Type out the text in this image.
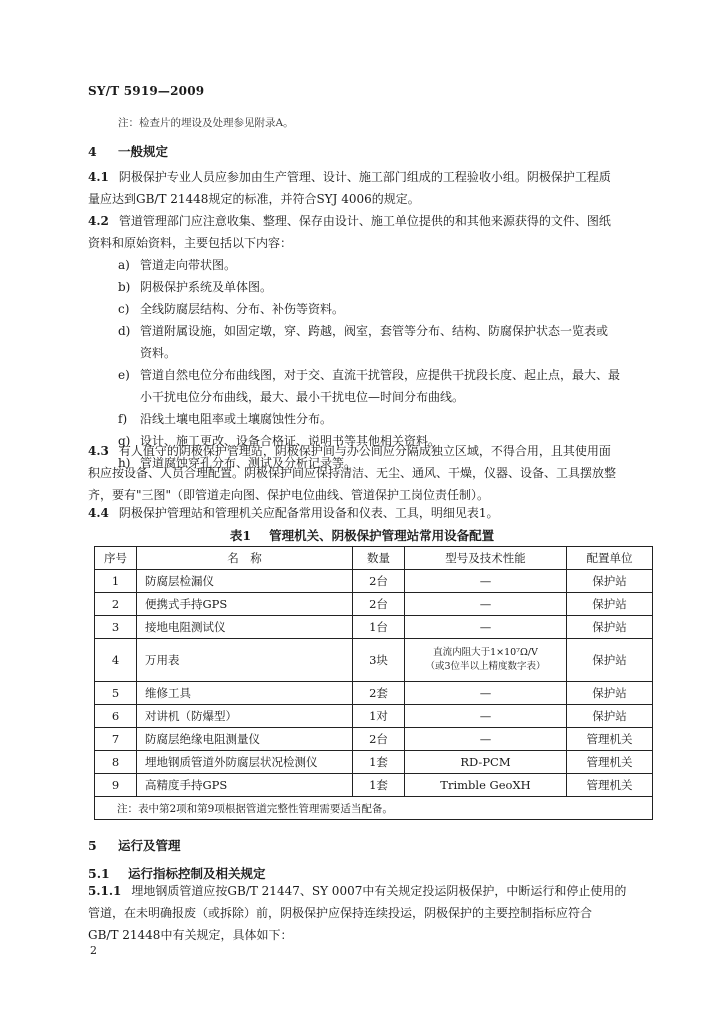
SY/T 5919—2009
注：检查片的埋设及处理参见附录A。
4 一般规定
4.1 阴极保护专业人员应参加由生产管理、设计、施工部门组成的工程验收小组。阴极保护工程质
量应达到GB/T 21448规定的标准，并符合SYJ 4006的规定。
4.2 管道管理部门应注意收集、整理、保存由设计、施工单位提供的和其他来源获得的文件、图纸
资料和原始资料，主要包括以下内容：
a) 管道走向带状图。
b) 阴极保护系统及单体图。
c) 全线防腐层结构、分布、补伤等资料。
d) 管道附属设施，如固定墩，穿、跨越，阀室，套管等分布、结构、防腐保护状态一览表或
资料。
e) 管道自然电位分布曲线图，对于交、直流干扰管段，应提供干扰段长度、起止点，最大、最
小干扰电位分布曲线，最大、最小干扰电位—时间分布曲线。
f) 沿线土壤电阻率或土壤腐蚀性分布。
g) 设计、施工更改、设备合格证、说明书等其他相关资料。
h) 管道腐蚀穿孔分布、测试及分析记录等。
4.3 有人值守的阴极保护管理站，阴极保护间与办公间应分隔成独立区域，不得合用，且其使用面
积应按设备、人员合理配置。阴极保护间应保持清洁、无尘、通风、干燥，仪器、设备、工具摆放整
齐，要有"三图"（即管道走向图、保护电位曲线、管道保护工岗位责任制）。
4.4 阴极保护管理站和管理机关应配备常用设备和仪表、工具，明细见表1。
表1 管理机关、阴极保护管理站常用设备配置
序号	名　称	数量	型号及技术性能	配置单位
1	防腐层检漏仪	2台	—	保护站
2	便携式手持GPS	2台	—	保护站
3	接地电阻测试仪	1台	—	保护站
4	万用表	3块	直流内阻大于1×10⁷Ω/V
（或3位半以上精度数字表）	保护站
5	维修工具	2套	—	保护站
6	对讲机（防爆型）	1对	—	保护站
7	防腐层绝缘电阻测量仪	2台	—	管理机关
8	埋地钢质管道外防腐层状况检测仪	1套	RD-PCM	管理机关
9	高精度手持GPS	1套	Trimble GeoXH	管理机关
注：表中第2项和第9项根据管道完整性管理需要适当配备。				
5 运行及管理
5.1 运行指标控制及相关规定
5.1.1 埋地钢质管道应按GB/T 21447、SY 0007中有关规定投运阴极保护，中断运行和停止使用的
管道，在未明确报废（或拆除）前，阴极保护应保持连续投运，阴极保护的主要控制指标应符合
GB/T 21448中有关规定，具体如下：
2
